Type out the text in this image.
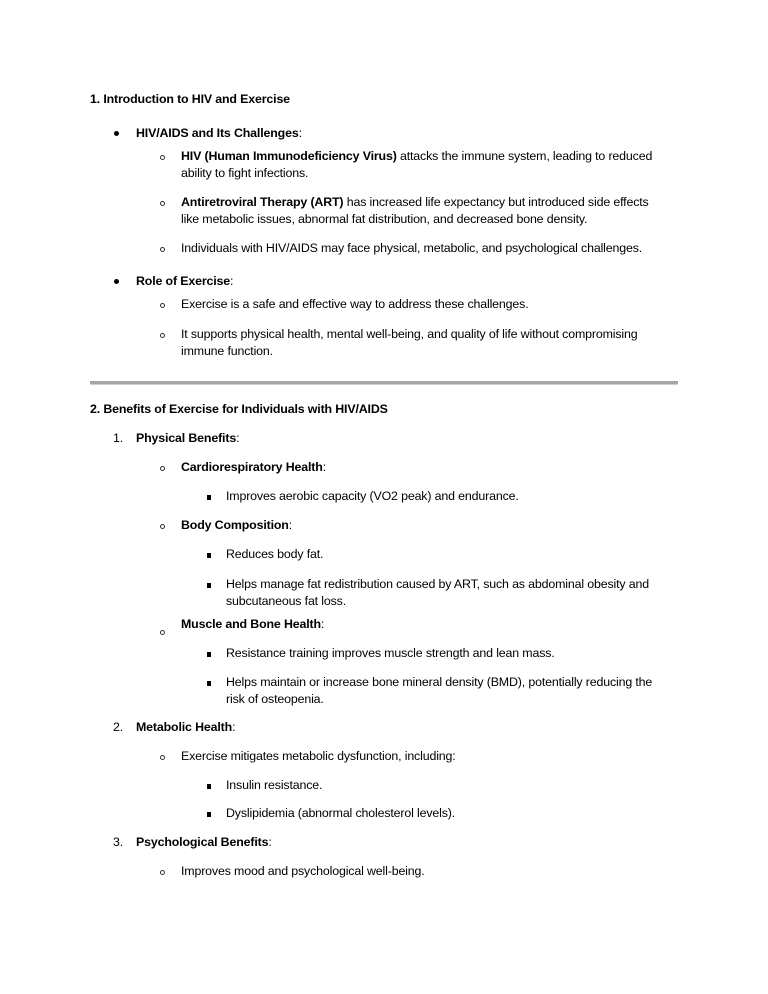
1. Introduction to HIV and Exercise
HIV/AIDS and Its Challenges:
HIV (Human Immunodeficiency Virus) attacks the immune system, leading to reduced
ability to fight infections.
Antiretroviral Therapy (ART) has increased life expectancy but introduced side effects
like metabolic issues, abnormal fat distribution, and decreased bone density.
Individuals with HIV/AIDS may face physical, metabolic, and psychological challenges.
Role of Exercise:
Exercise is a safe and effective way to address these challenges.
It supports physical health, mental well-being, and quality of life without compromising
immune function.
2. Benefits of Exercise for Individuals with HIV/AIDS
1. Physical Benefits:
Cardiorespiratory Health:
Improves aerobic capacity (VO2 peak) and endurance.
Body Composition:
Reduces body fat.
Helps manage fat redistribution caused by ART, such as abdominal obesity and
subcutaneous fat loss.
Muscle and Bone Health:
Resistance training improves muscle strength and lean mass.
Helps maintain or increase bone mineral density (BMD), potentially reducing the
risk of osteopenia.
2. Metabolic Health:
Exercise mitigates metabolic dysfunction, including:
Insulin resistance.
Dyslipidemia (abnormal cholesterol levels).
3. Psychological Benefits:
Improves mood and psychological well-being.
